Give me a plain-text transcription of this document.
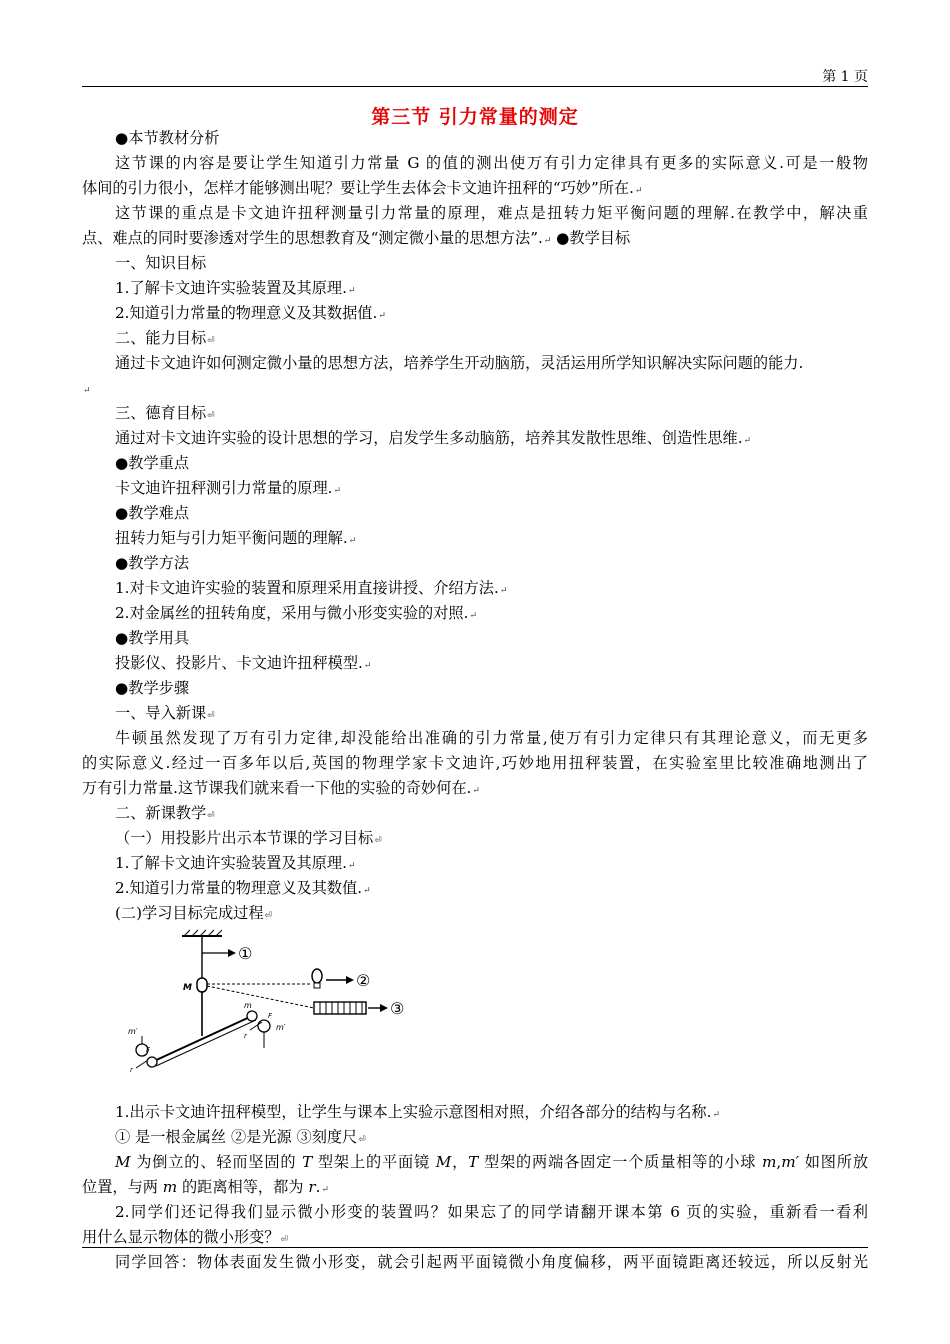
第 1 页
第三节 引力常量的测定
●本节教材分析
这节课的内容是要让学生知道引力常量 G 的值的测出使万有引力定律具有更多的实际意义.可是一般物
体间的引力很小，怎样才能够测出呢？要让学生去体会卡文迪许扭秤的“巧妙”所在.↵
这节课的重点是卡文迪许扭秤测量引力常量的原理，难点是扭转力矩平衡问题的理解.在教学中，解决重
点、难点的同时要渗透对学生的思想教育及“测定微小量的思想方法”.↵ ●教学目标
一、知识目标
1.了解卡文迪许实验装置及其原理.↵
2.知道引力常量的物理意义及其数据值.↵
二、能力目标⏎
通过卡文迪许如何测定微小量的思想方法，培养学生开动脑筋，灵活运用所学知识解决实际问题的能力.
↵
三、德育目标⏎
通过对卡文迪许实验的设计思想的学习，启发学生多动脑筋，培养其发散性思维、创造性思维.↵
●教学重点
卡文迪许扭秤测引力常量的原理.↵
●教学难点
扭转力矩与引力矩平衡问题的理解.↵
●教学方法
1.对卡文迪许实验的装置和原理采用直接讲授、介绍方法.↵
2.对金属丝的扭转角度，采用与微小形变实验的对照.↵
●教学用具
投影仪、投影片、卡文迪许扭秤模型.↵
●教学步骤
一、导入新课⏎
牛顿虽然发现了万有引力定律,却没能给出准确的引力常量,使万有引力定律只有其理论意义，而无更多
的实际意义.经过一百多年以后,英国的物理学家卡文迪许,巧妙地用扭秤装置，在实验室里比较准确地测出了
万有引力常量.这节课我们就来看一下他的实验的奇妙何在.↵
二、新课教学⏎
（一）用投影片出示本节课的学习目标⏎
1.了解卡文迪许实验装置及其原理.↵
2.知道引力常量的物理意义及其数值.↵
(二)学习目标完成过程⏎
①
M	②
③
m′
F
r
m
F
m′
r
1.出示卡文迪许扭秤模型，让学生与课本上实验示意图相对照，介绍各部分的结构与名称.↵
① 是一根金属丝 ②是光源 ③刻度尺⏎
M 为倒立的、轻而坚固的 T 型架上的平面镜 M，T 型架的两端各固定一个质量相等的小球 m,m′ 如图所放
位置，与两 m 的距离相等，都为 r.↵
2.同学们还记得我们显示微小形变的装置吗？如果忘了的同学请翻开课本第 6 页的实验，重新看一看利
用什么显示物体的微小形变？⏎
同学回答：物体表面发生微小形变，就会引起两平面镜微小角度偏移，两平面镜距离还较远，所以反射光
